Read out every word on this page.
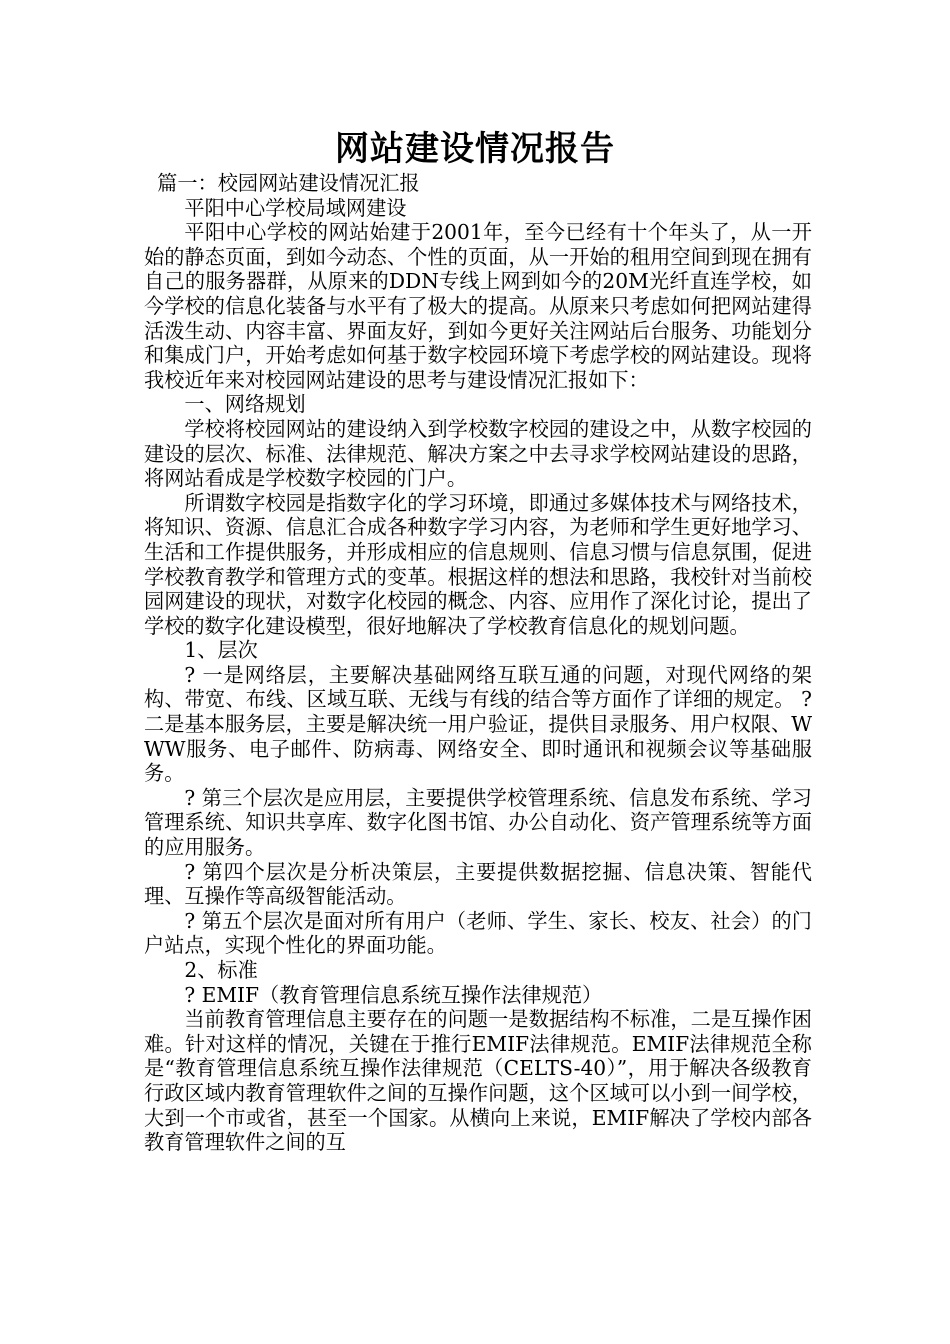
网站建设情况报告

篇一：校园网站建设情况汇报

平阳中心学校局域网建设

平阳中心学校的网站始建于2001年，至今已经有十个年头了，从一开始的静态页面，到如今动态、个性的页面，从一开始的租用空间到现在拥有自己的服务器群，从原来的DDN专线上网到如今的20M光纤直连学校，如今学校的信息化装备与水平有了极大的提高。从原来只考虑如何把网站建得活泼生动、内容丰富、界面友好，到如今更好关注网站后台服务、功能划分和集成门户，开始考虑如何基于数字校园环境下考虑学校的网站建设。现将我校近年来对校园网站建设的思考与建设情况汇报如下：

一、网络规划

学校将校园网站的建设纳入到学校数字校园的建设之中，从数字校园的建设的层次、标准、法律规范、解决方案之中去寻求学校网站建设的思路，将网站看成是学校数字校园的门户。

所谓数字校园是指数字化的学习环境，即通过多媒体技术与网络技术，将知识、资源、信息汇合成各种数字学习内容，为老师和学生更好地学习、生活和工作提供服务，并形成相应的信息规则、信息习惯与信息氛围，促进学校教育教学和管理方式的变革。根据这样的想法和思路，我校针对当前校园网建设的现状，对数字化校园的概念、内容、应用作了深化讨论，提出了学校的数字化建设模型，很好地解决了学校教育信息化的规划问题。

1、层次

? 一是网络层，主要解决基础网络互联互通的问题，对现代网络的架构、带宽、布线、区域互联、无线与有线的结合等方面作了详细的规定。 ? 二是基本服务层，主要是解决统一用户验证，提供目录服务、用户权限、WWW服务、电子邮件、防病毒、网络安全、即时通讯和视频会议等基础服务。

? 第三个层次是应用层，主要提供学校管理系统、信息发布系统、学习管理系统、知识共享库、数字化图书馆、办公自动化、资产管理系统等方面的应用服务。

? 第四个层次是分析决策层，主要提供数据挖掘、信息决策、智能代理、互操作等高级智能活动。

? 第五个层次是面对所有用户（老师、学生、家长、校友、社会）的门户站点，实现个性化的界面功能。

2、标准

? EMIF（教育管理信息系统互操作法律规范）

当前教育管理信息主要存在的问题一是数据结构不标准，二是互操作困难。针对这样的情况，关键在于推行EMIF法律规范。EMIF法律规范全称是“教育管理信息系统互操作法律规范（CELTS-40）”，用于解决各级教育行政区域内教育管理软件之间的互操作问题，这个区域可以小到一间学校，大到一个市或省，甚至一个国家。从横向上来说，EMIF解决了学校内部各教育管理软件之间的互
